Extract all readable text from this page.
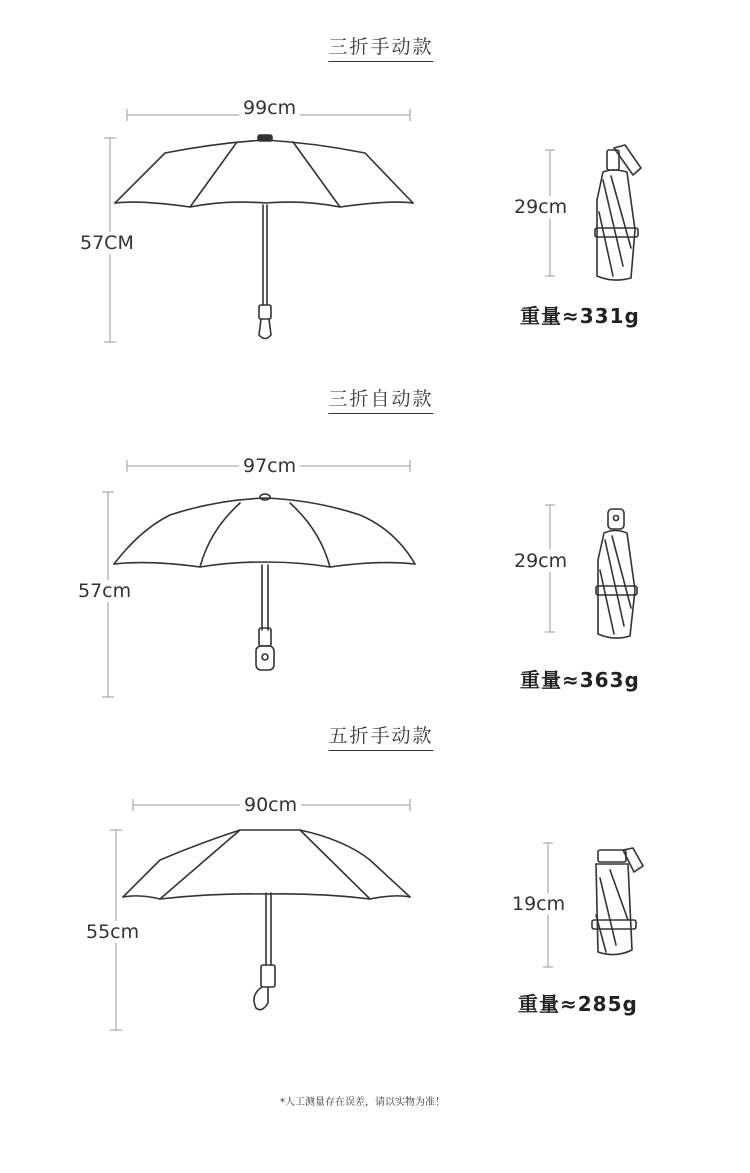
三折手动款
99cm
57CM
29cm
重量≈331g
三折自动款
97cm
57cm
29cm
重量≈363g
五折手动款
90cm
55cm
19cm
重量≈285g
*人工测量存在误差，请以实物为准！
